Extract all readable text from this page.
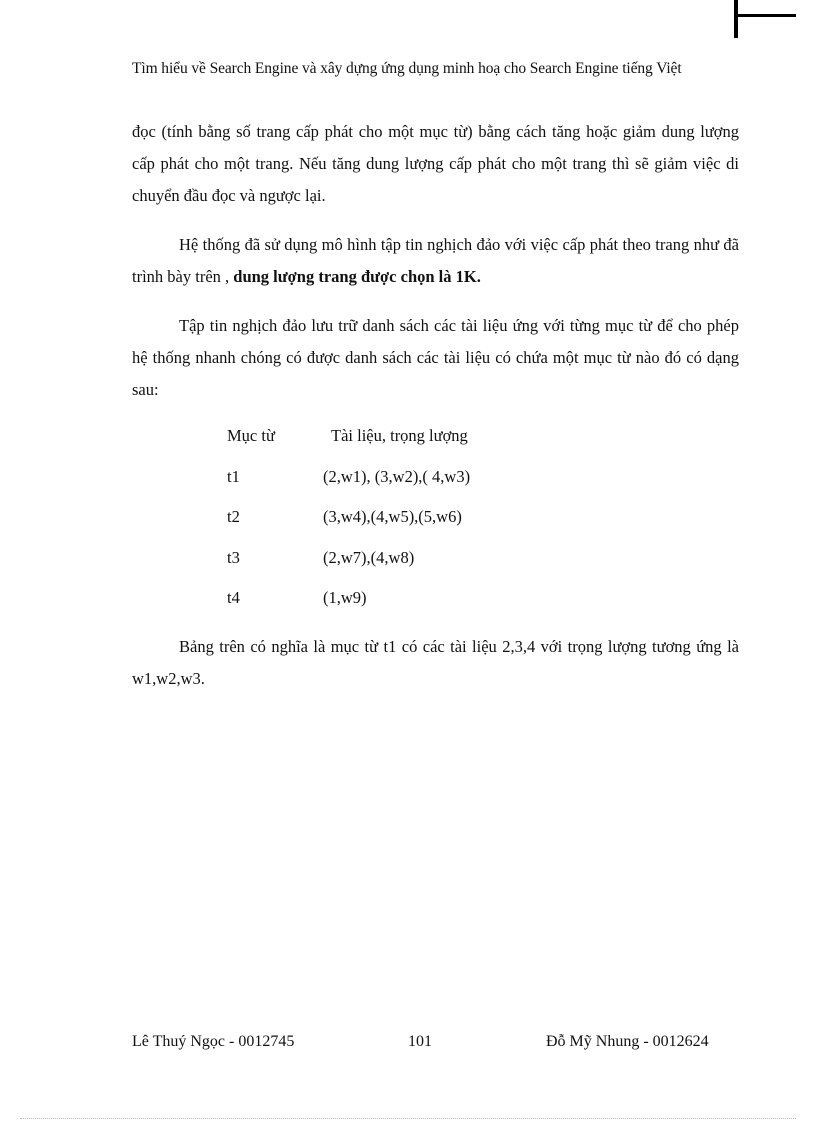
Tìm hiểu về Search Engine và xây dựng ứng dụng minh hoạ cho Search Engine tiếng Việt

đọc (tính bằng số trang cấp phát cho một mục từ) bằng cách tăng hoặc giảm dung lượng cấp phát cho một trang. Nếu tăng dung lượng cấp phát cho một trang thì sẽ giảm việc di chuyển đầu đọc và ngược lại.

Hệ thống đã sử dụng mô hình tập tin nghịch đảo với việc cấp phát theo trang như đã trình bày trên , dung lượng trang được chọn là 1K.

Tập tin nghịch đảo lưu trữ danh sách các tài liệu ứng với từng mục từ để cho phép hệ thống nhanh chóng có được danh sách các tài liệu có chứa một mục từ nào đó có dạng sau:

Mục từ	Tài liệu, trọng lượng
t1	(2,w1), (3,w2),( 4,w3)
t2	(3,w4),(4,w5),(5,w6)
t3	(2,w7),(4,w8)
t4	(1,w9)

Bảng trên có nghĩa là mục từ t1 có các tài liệu 2,3,4 với trọng lượng tương ứng là w1,w2,w3.

Lê Thuý Ngọc - 0012745	101	Đỗ Mỹ Nhung - 0012624
